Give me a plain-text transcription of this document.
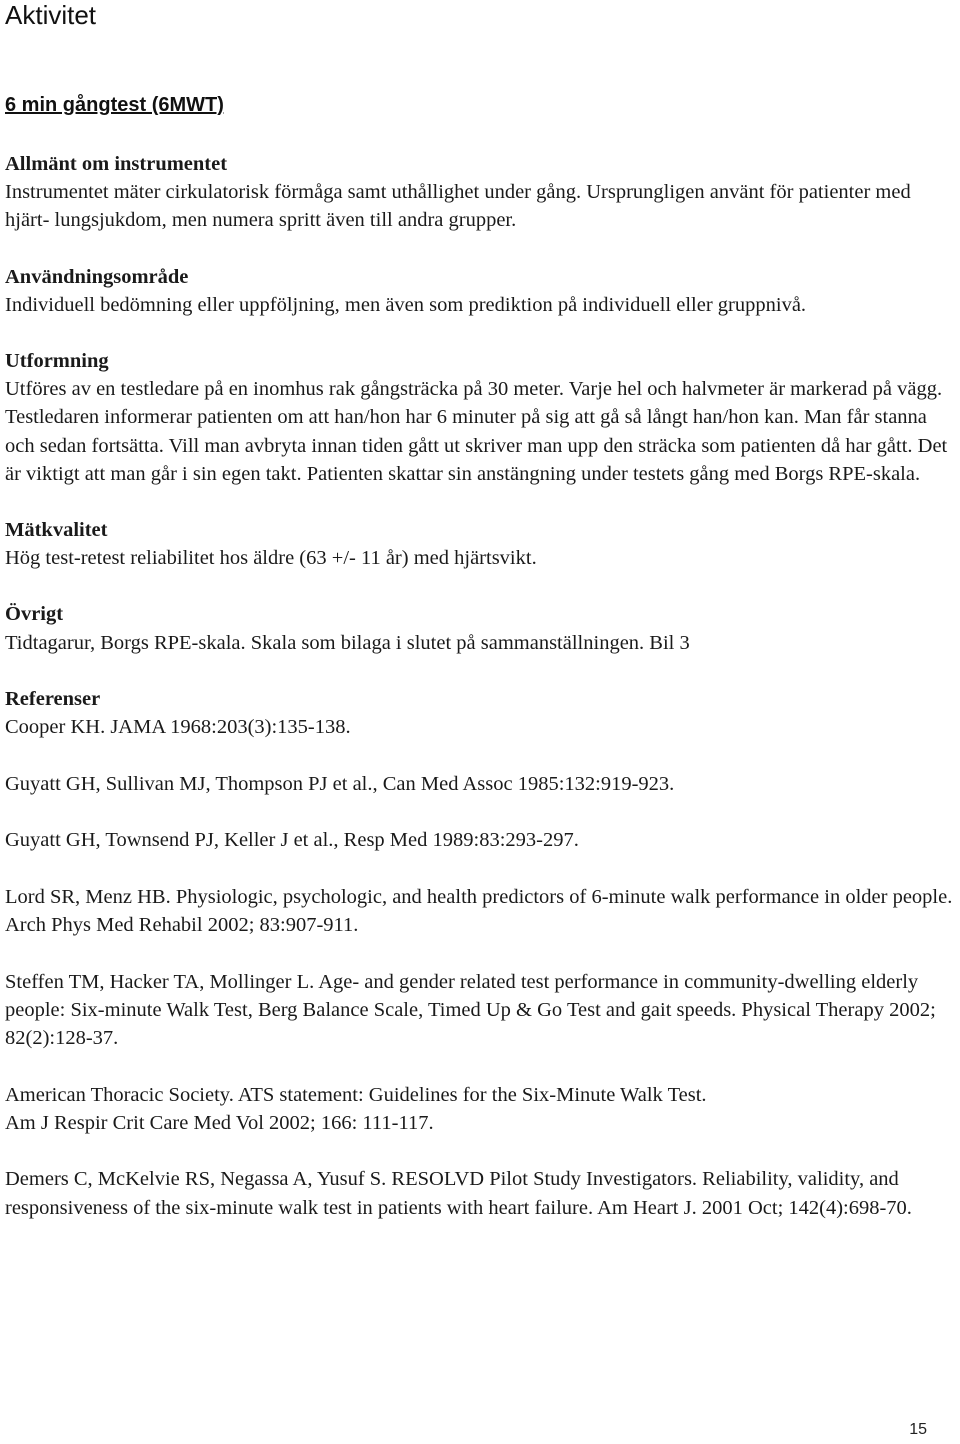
Aktivitet
6 min gångtest (6MWT)

Allmänt om instrumentet

Instrumentet mäter cirkulatorisk förmåga samt uthållighet under gång. Ursprungligen använt för patienter med hjärt- lungsjukdom, men numera spritt även till andra grupper.

Användningsområde

Individuell bedömning eller uppföljning, men även som prediktion på individuell eller gruppnivå.

Utformning

Utföres av en testledare på en inomhus rak gångsträcka på 30 meter. Varje hel och halvmeter är markerad på vägg. Testledaren informerar patienten om att han/hon har 6 minuter på sig att gå så långt han/hon kan. Man får stanna och sedan fortsätta. Vill man avbryta innan tiden gått ut skriver man upp den sträcka som patienten då har gått. Det är viktigt att man går i sin egen takt. Patienten skattar sin anstängning under testets gång med Borgs RPE-skala.

Mätkvalitet

Hög test-retest reliabilitet hos äldre (63 +/- 11 år) med hjärtsvikt.

Övrigt

Tidtagarur, Borgs RPE-skala. Skala som bilaga i slutet på sammanställningen. Bil 3

Referenser

Cooper KH. JAMA 1968:203(3):135-138.

Guyatt GH, Sullivan MJ, Thompson PJ et al., Can Med Assoc 1985:132:919-923.

Guyatt GH, Townsend PJ, Keller J et al., Resp Med 1989:83:293-297.

Lord SR, Menz HB. Physiologic, psychologic, and health predictors of 6-minute walk performance in older people. Arch Phys Med Rehabil 2002; 83:907-911.

Steffen TM, Hacker TA, Mollinger L. Age- and gender related test performance in community-dwelling elderly people: Six-minute Walk Test, Berg Balance Scale, Timed Up & Go Test and gait speeds. Physical Therapy 2002; 82(2):128-37.

American Thoracic Society. ATS statement: Guidelines for the Six-Minute Walk Test.
Am J Respir Crit Care Med Vol 2002; 166: 111-117.

Demers C, McKelvie RS, Negassa A, Yusuf S. RESOLVD Pilot Study Investigators. Reliability, validity, and responsiveness of the six-minute walk test in patients with heart failure. Am Heart J. 2001 Oct; 142(4):698-70.

15
